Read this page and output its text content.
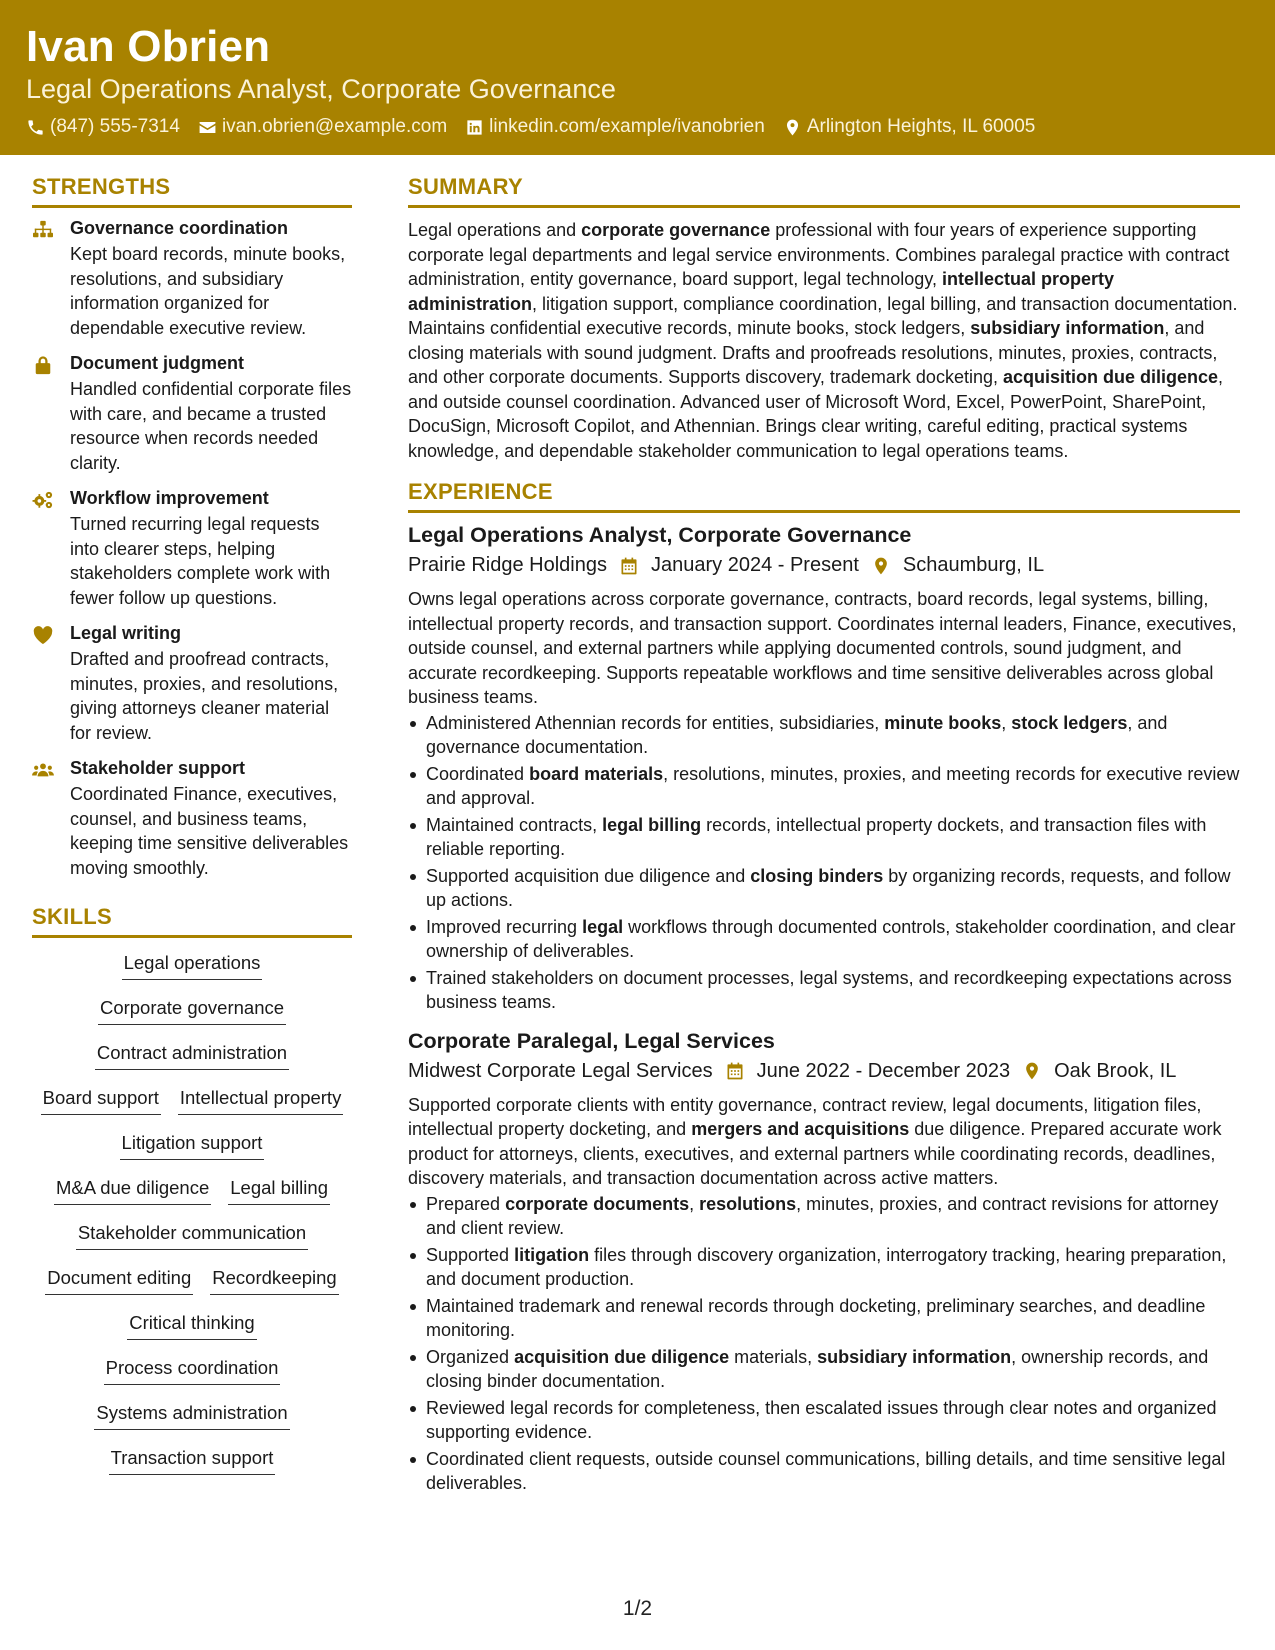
Ivan Obrien
Legal Operations Analyst, Corporate Governance
(847) 555-7314 ivan.obrien@example.com linkedin.com/example/ivanobrien Arlington Heights, IL 60005
STRENGTHS
Governance coordination
Kept board records, minute books, resolutions, and subsidiary information organized for dependable executive review.
Document judgment
Handled confidential corporate files with care, and became a trusted resource when records needed clarity.
Workflow improvement
Turned recurring legal requests into clearer steps, helping stakeholders complete work with fewer follow up questions.
Legal writing
Drafted and proofread contracts, minutes, proxies, and resolutions, giving attorneys cleaner material for review.
Stakeholder support
Coordinated Finance, executives, counsel, and business teams, keeping time sensitive deliverables moving smoothly.
SKILLS
Legal operations
Corporate governance
Contract administration
Board support Intellectual property
Litigation support
M&A due diligence Legal billing
Stakeholder communication
Document editing Recordkeeping
Critical thinking
Process coordination
Systems administration
Transaction support
SUMMARY
Legal operations and corporate governance professional with four years of experience supporting corporate legal departments and legal service environments. Combines paralegal practice with contract administration, entity governance, board support, legal technology, intellectual property administration, litigation support, compliance coordination, legal billing, and transaction documentation. Maintains confidential executive records, minute books, stock ledgers, subsidiary information, and closing materials with sound judgment. Drafts and proofreads resolutions, minutes, proxies, contracts, and other corporate documents. Supports discovery, trademark docketing, acquisition due diligence, and outside counsel coordination. Advanced user of Microsoft Word, Excel, PowerPoint, SharePoint, DocuSign, Microsoft Copilot, and Athennian. Brings clear writing, careful editing, practical systems knowledge, and dependable stakeholder communication to legal operations teams.
EXPERIENCE
Legal Operations Analyst, Corporate Governance
Prairie Ridge Holdings January 2024 - Present Schaumburg, IL
Owns legal operations across corporate governance, contracts, board records, legal systems, billing, intellectual property records, and transaction support. Coordinates internal leaders, Finance, executives, outside counsel, and external partners while applying documented controls, sound judgment, and accurate recordkeeping. Supports repeatable workflows and time sensitive deliverables across global business teams.
Administered Athennian records for entities, subsidiaries, minute books, stock ledgers, and governance documentation.
Coordinated board materials, resolutions, minutes, proxies, and meeting records for executive review and approval.
Maintained contracts, legal billing records, intellectual property dockets, and transaction files with reliable reporting.
Supported acquisition due diligence and closing binders by organizing records, requests, and follow up actions.
Improved recurring legal workflows through documented controls, stakeholder coordination, and clear ownership of deliverables.
Trained stakeholders on document processes, legal systems, and recordkeeping expectations across business teams.
Corporate Paralegal, Legal Services
Midwest Corporate Legal Services June 2022 - December 2023 Oak Brook, IL
Supported corporate clients with entity governance, contract review, legal documents, litigation files, intellectual property docketing, and mergers and acquisitions due diligence. Prepared accurate work product for attorneys, clients, executives, and external partners while coordinating records, deadlines, discovery materials, and transaction documentation across active matters.
Prepared corporate documents, resolutions, minutes, proxies, and contract revisions for attorney and client review.
Supported litigation files through discovery organization, interrogatory tracking, hearing preparation, and document production.
Maintained trademark and renewal records through docketing, preliminary searches, and deadline monitoring.
Organized acquisition due diligence materials, subsidiary information, ownership records, and closing binder documentation.
Reviewed legal records for completeness, then escalated issues through clear notes and organized supporting evidence.
Coordinated client requests, outside counsel communications, billing details, and time sensitive legal deliverables.
1/2
